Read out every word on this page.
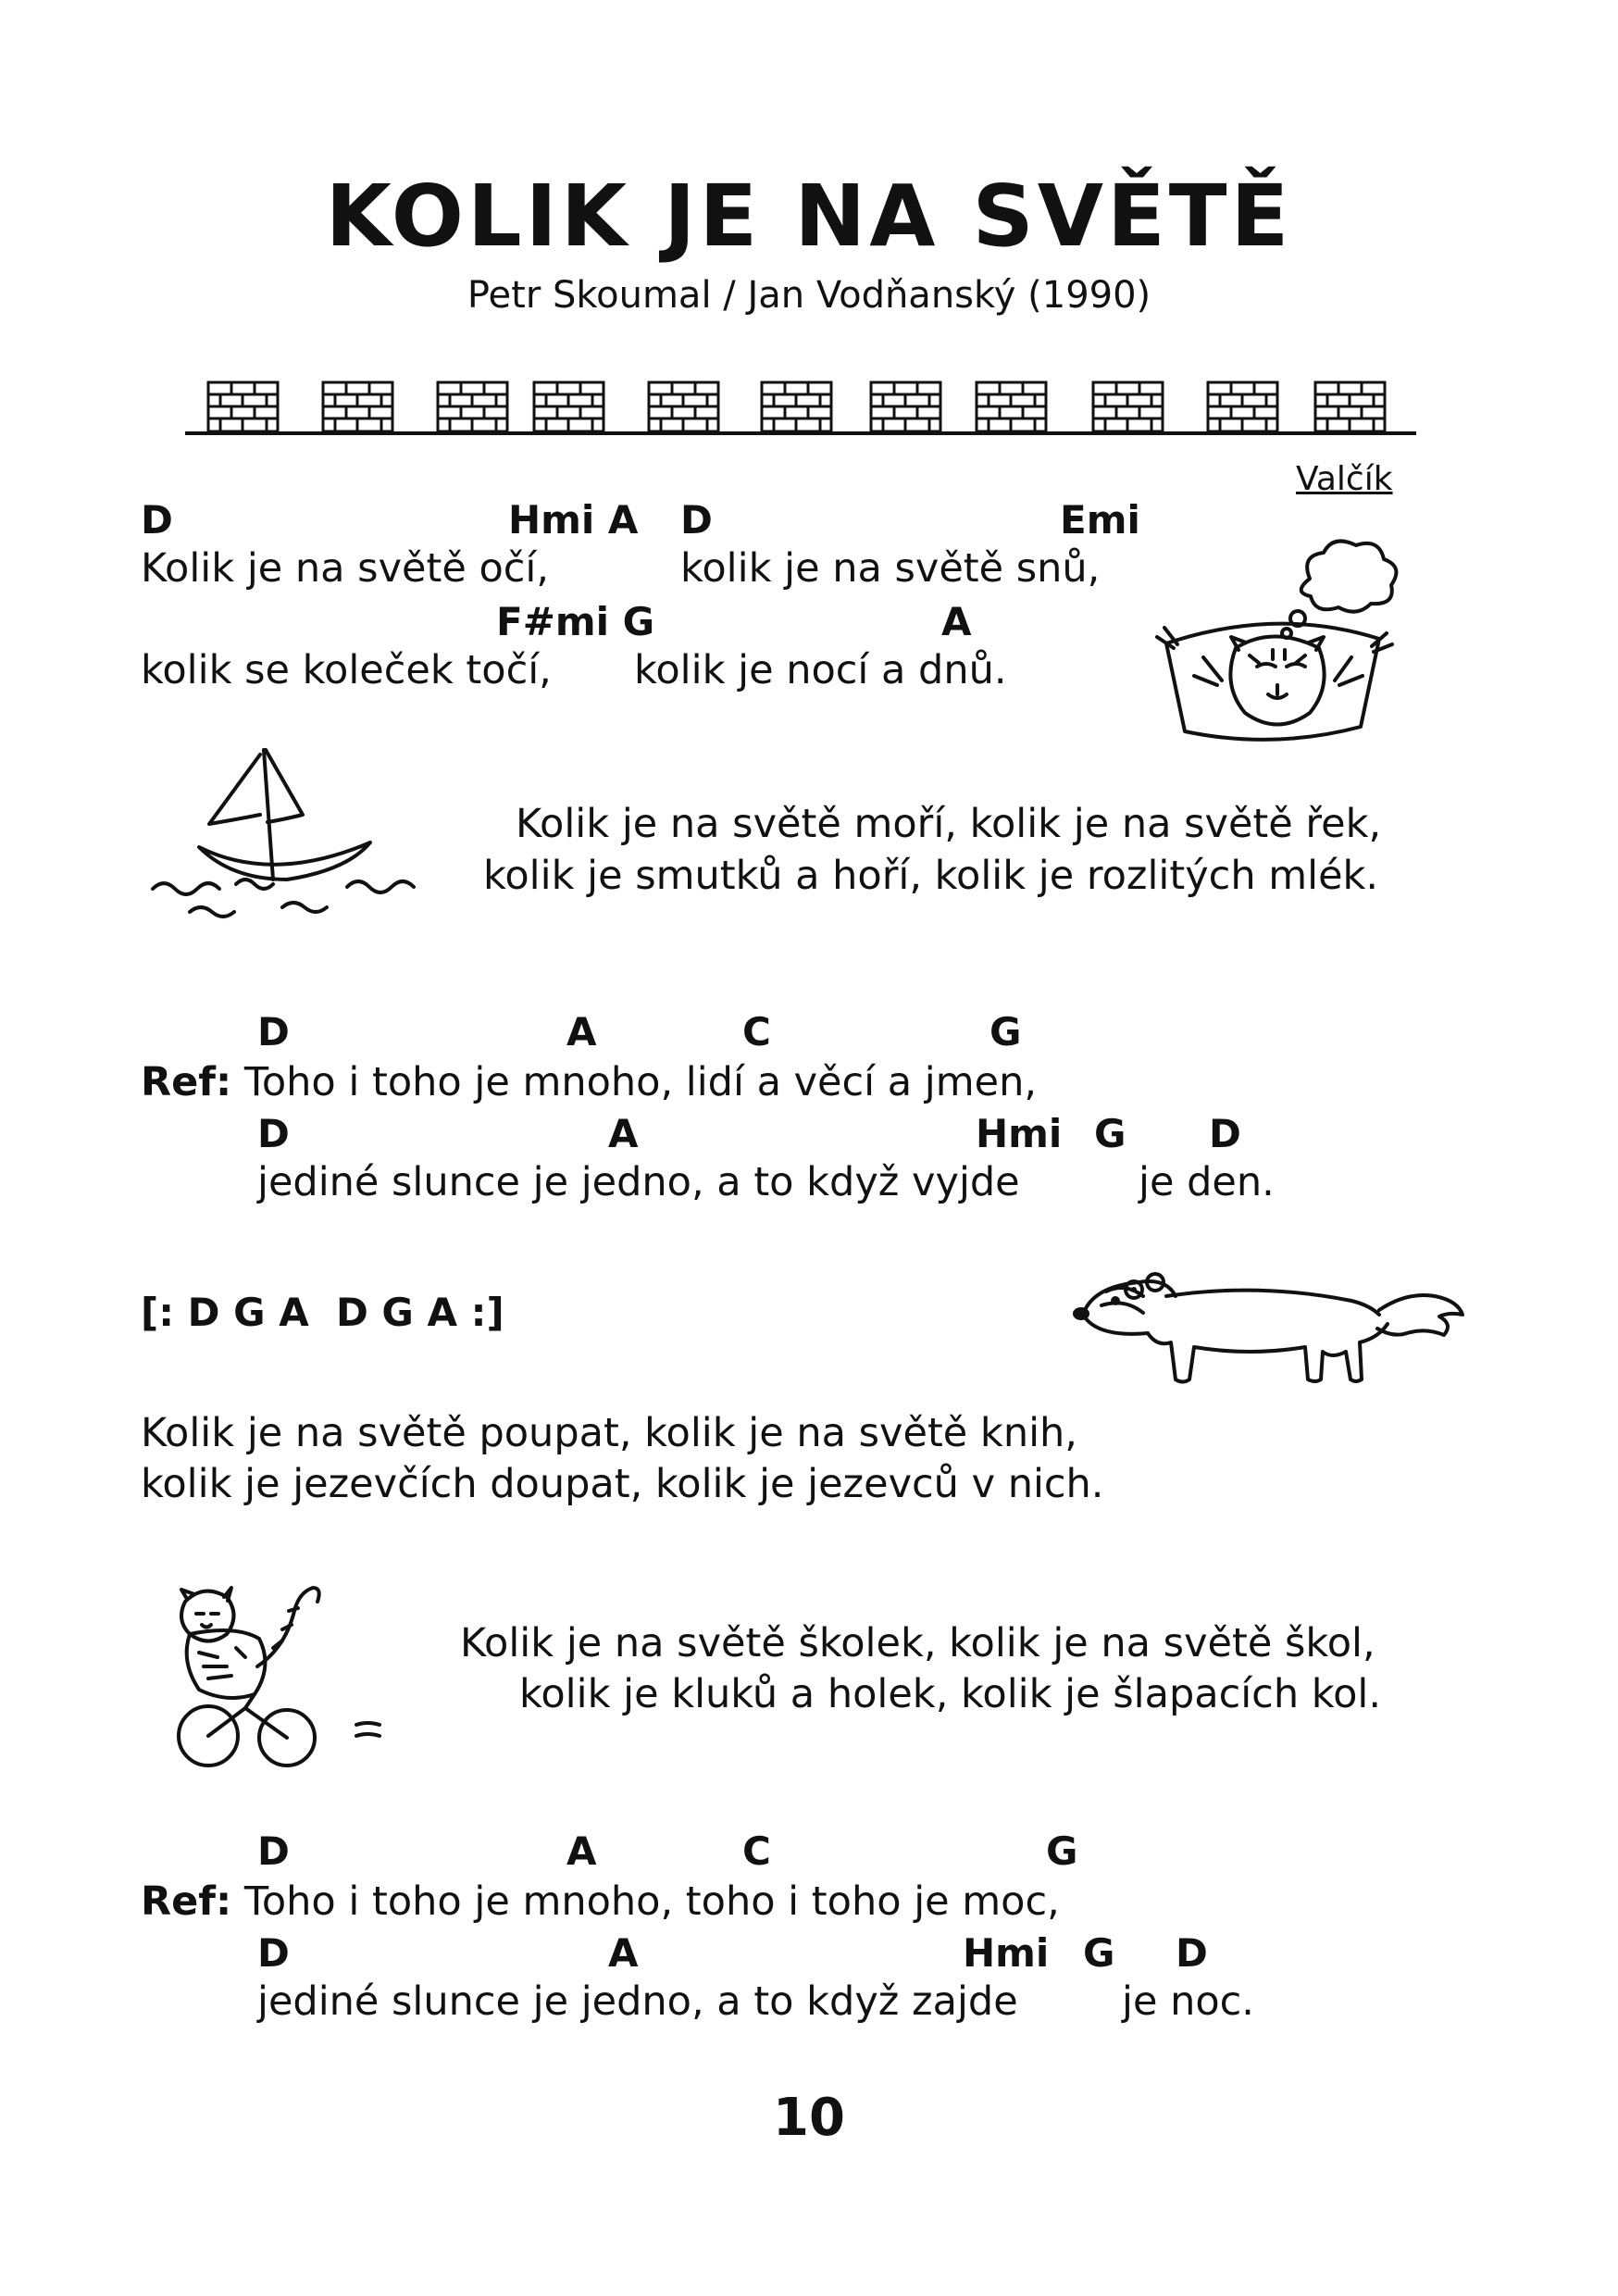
KOLIK JE NA SVĚTĚ
Petr Skoumal / Jan Vodňanský (1990)
Valčík
D	Hmi A D	Emi
Kolik je na světě očí,	kolik je na světě snů,
F#mi G	A
kolik se koleček točí, kolik je nocí a dnů.
Kolik je na světě moří, kolik je na světě řek,
kolik je smutků a hoří, kolik je rozlitých mlék.
D	A	C	G
Ref: Toho i toho je mnoho, lidí a věcí a jmen,
D	A	Hmi G D
jediné slunce je jedno, a to když vyjde	je den.
[: D G A  D G A :]
Kolik je na světě poupat, kolik je na světě knih,
kolik je jezevčích doupat, kolik je jezevců v nich.
Kolik je na světě školek, kolik je na světě škol,
kolik je kluků a holek, kolik je šlapacích kol.
D	A	C	G
Ref: Toho i toho je mnoho, toho i toho je moc,
D	A	Hmi G D
jediné slunce je jedno, a to když zajde	je noc.
10
